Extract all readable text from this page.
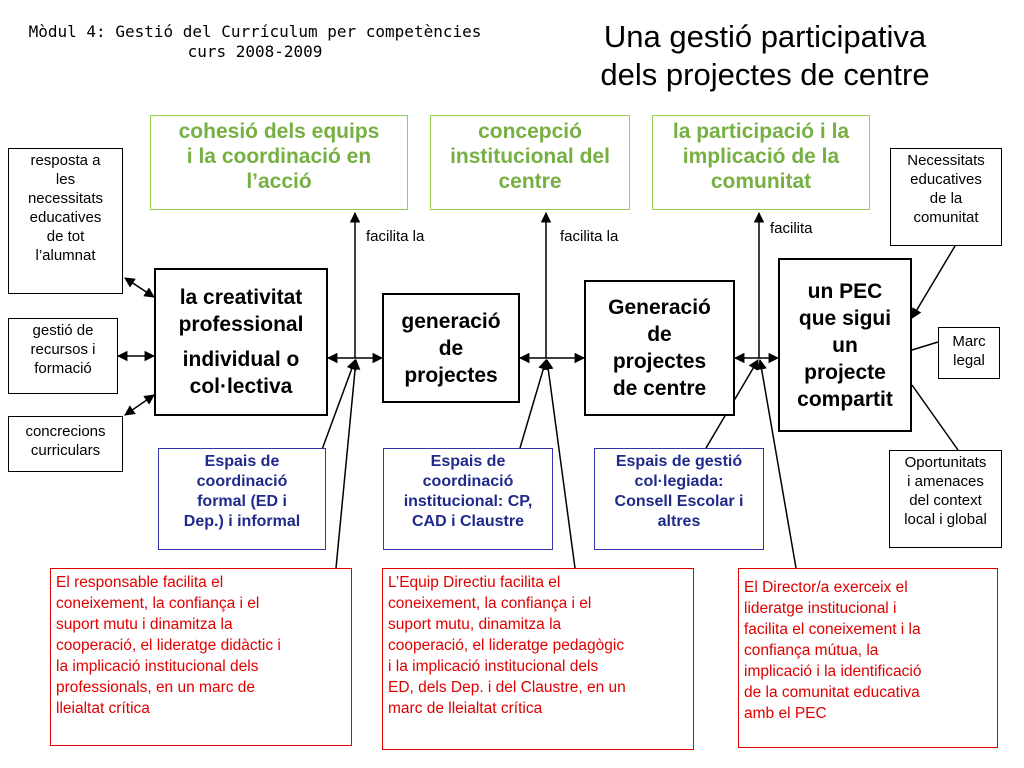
Mòdul 4: Gestió del Currículum per competències
curs 2008-2009	Una gestió participativa
dels projectes de centre
cohesió dels equips
i la coordinació en
l’acció
concepció
institucional del
centre
la participació i la
implicació de la
comunitat
facilita la	facilita la	facilita
resposta a
les
necessitats
educatives
de tot
l’alumnat
gestió de
recursos i
formació
concrecions
curriculars
la creativitat
professional
individual o
col·lectiva
generació
de
projectes
Generació
de
projectes
de centre
un PEC
que sigui
un
projecte
compartit
Necessitats
educatives
de la
comunitat
Marc
legal
Oportunitats
i amenaces
del context
local i global
Espais de
coordinació
formal (ED i
Dep.) i informal
Espais de
coordinació
institucional: CP,
CAD i Claustre
Espais de gestió
col·legiada:
Consell Escolar i
altres
El responsable facilita el
coneixement, la confiança i el
suport mutu i dinamitza la
cooperació, el lideratge didàctic i
la implicació institucional dels
professionals, en un marc de
lleialtat crítica
L’Equip Directiu facilita el
coneixement, la confiança i el
suport mutu, dinamitza la
cooperació, el lideratge pedagògic
i la implicació institucional dels
ED, dels Dep. i del Claustre, en un
marc de lleialtat crítica
El Director/a exerceix el
lideratge institucional i
facilita el coneixement i la
confiança mútua, la
implicació i la identificació
de la comunitat educativa
amb el PEC
